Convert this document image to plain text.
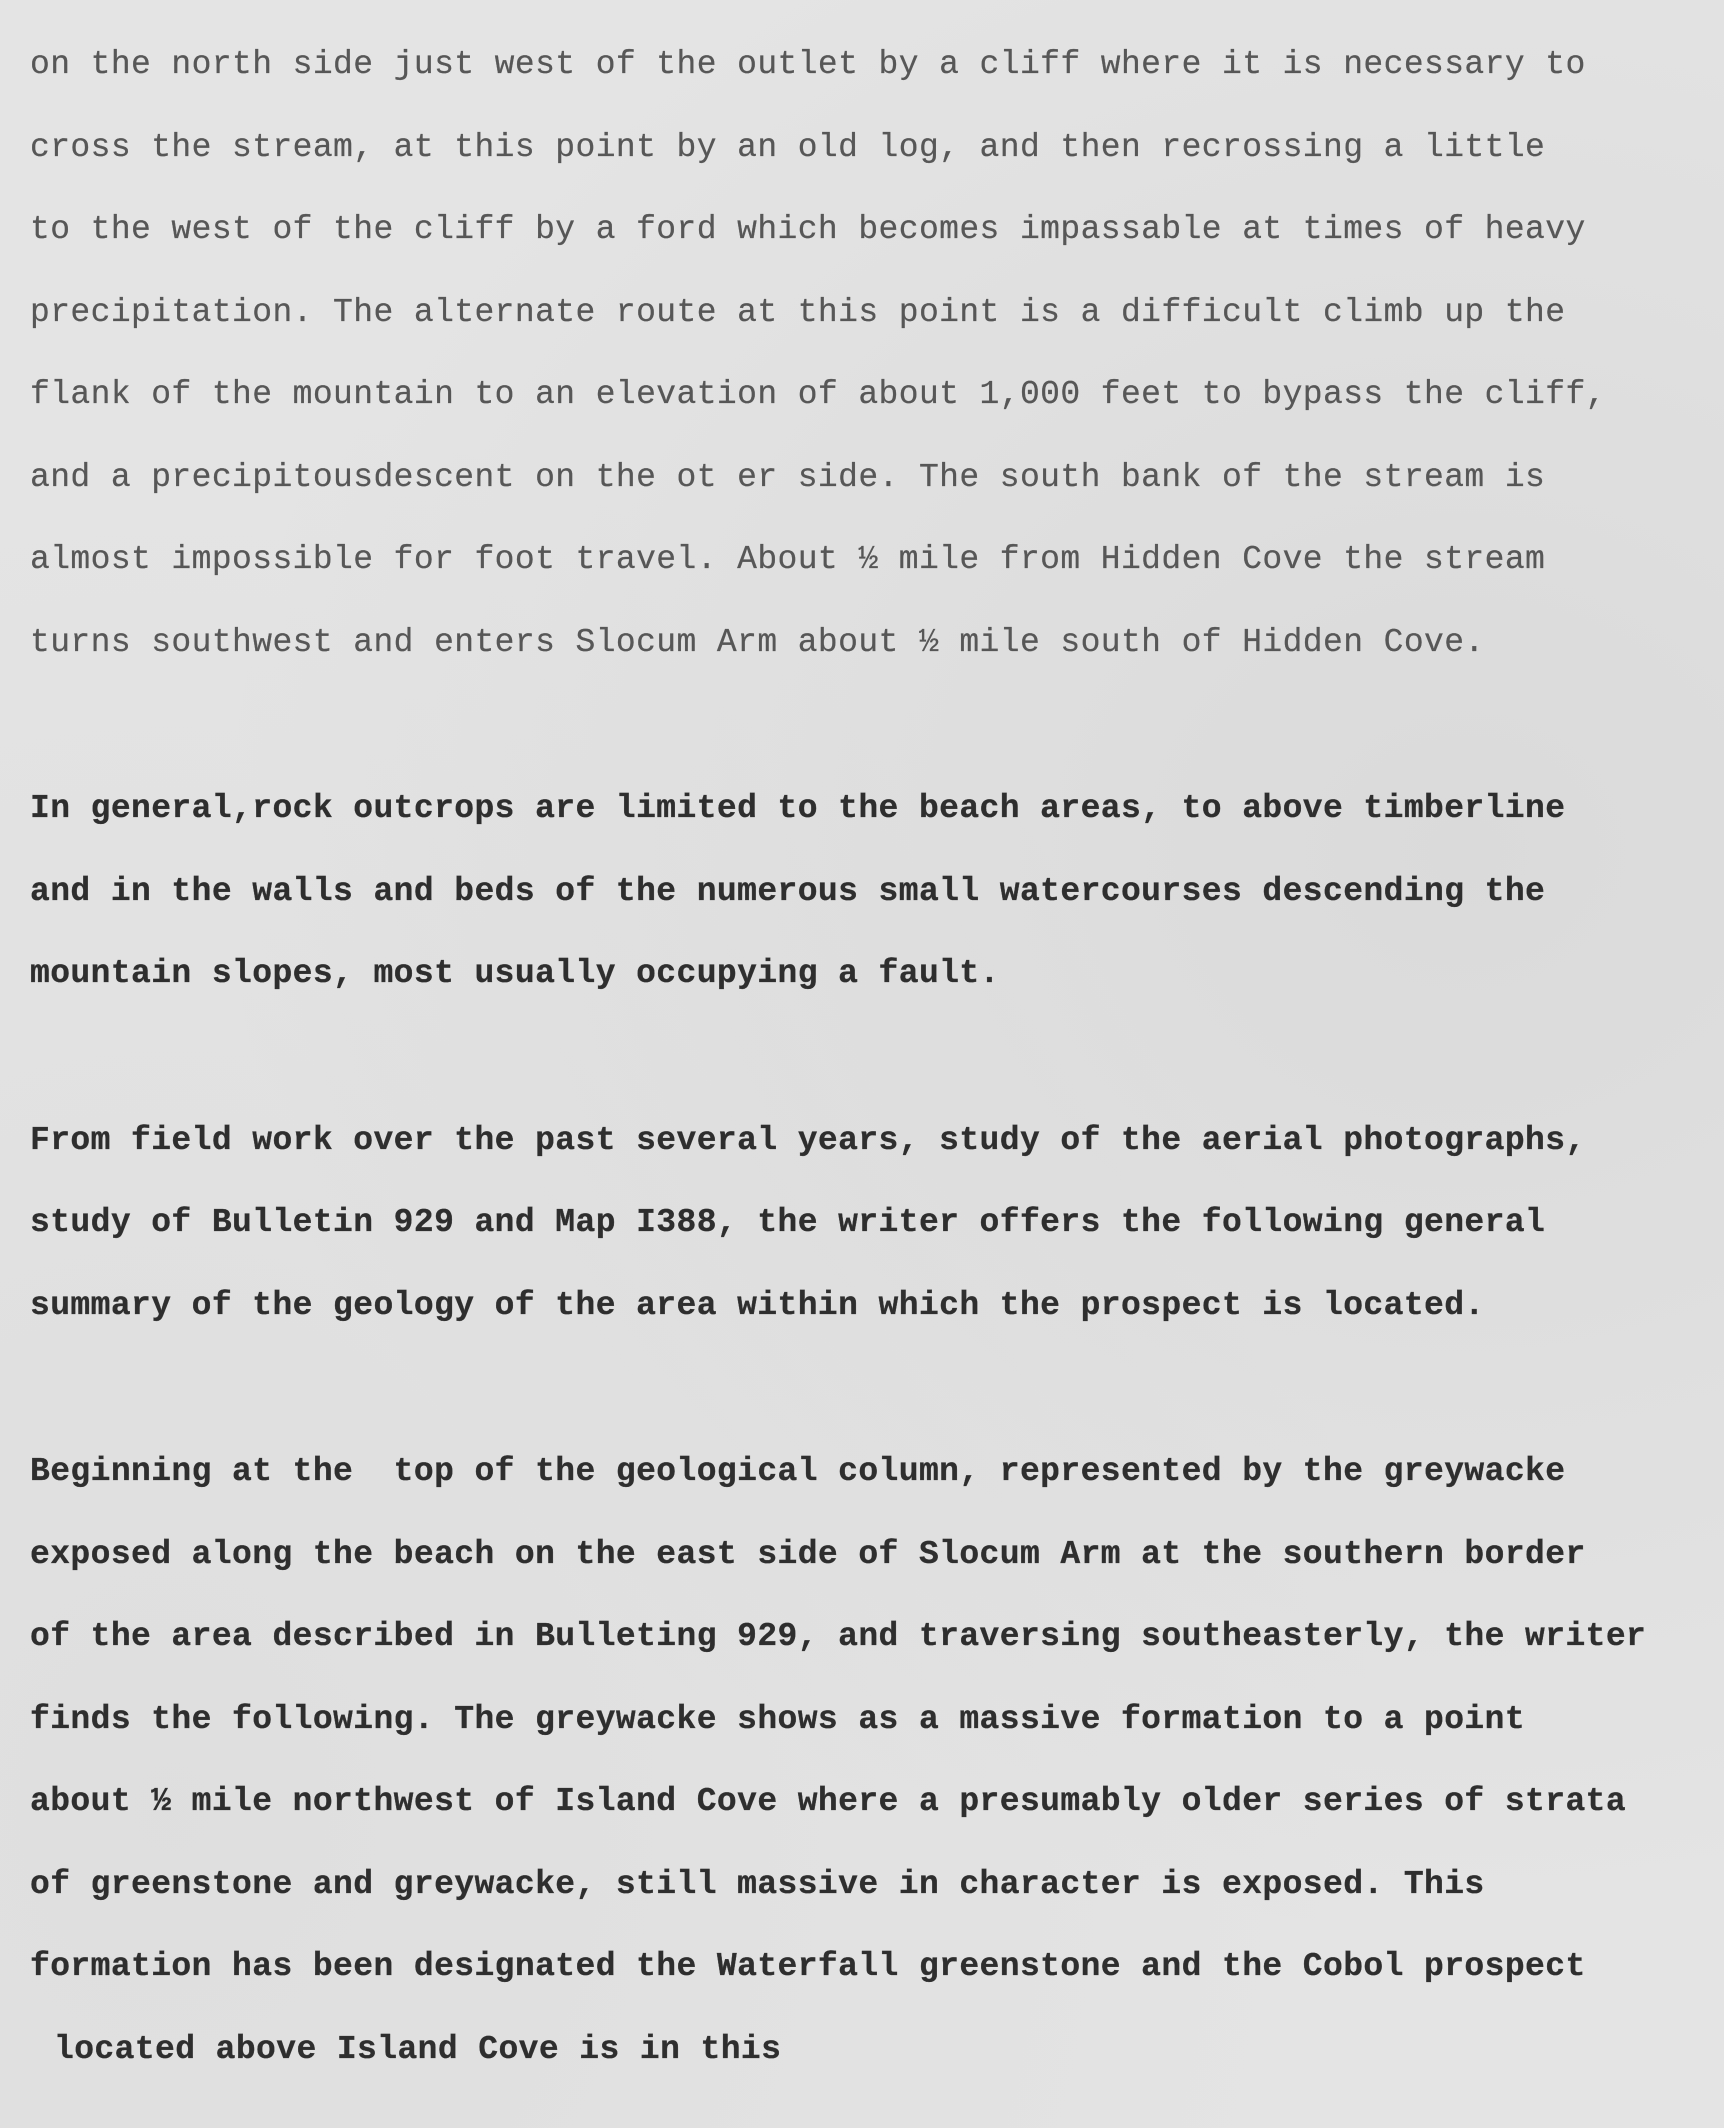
on the north side just west of the outlet by a cliff where it is necessary to
cross the stream, at this point by an old log, and then recrossing a little
to the west of the cliff by a ford which becomes impassable at times of heavy
precipitation. The alternate route at this point is a difficult climb up the
flank of the mountain to an elevation of about 1,000 feet to bypass the cliff,
and a precipitousdescent on the ot er side. The south bank of the stream is
almost impossible for foot travel. About ½ mile from Hidden Cove the stream
turns southwest and enters Slocum Arm about ½ mile south of Hidden Cove.
In general,rock outcrops are limited to the beach areas, to above timberline
and in the walls and beds of the numerous small watercourses descending the
mountain slopes, most usually occupying a fault.
From field work over the past several years, study of the aerial photographs,
study of Bulletin 929 and Map I388, the writer offers the following general
summary of the geology of the area within which the prospect is located.
Beginning at the  top of the geological column, represented by the greywacke
exposed along the beach on the east side of Slocum Arm at the southern border
of the area described in Bulleting 929, and traversing southeasterly, the writer
finds the following. The greywacke shows as a massive formation to a point
about ½ mile northwest of Island Cove where a presumably older series of strata
of greenstone and greywacke, still massive in character is exposed. This
formation has been designated the Waterfall greenstone and the Cobol prospect
located above Island Cove is in this
